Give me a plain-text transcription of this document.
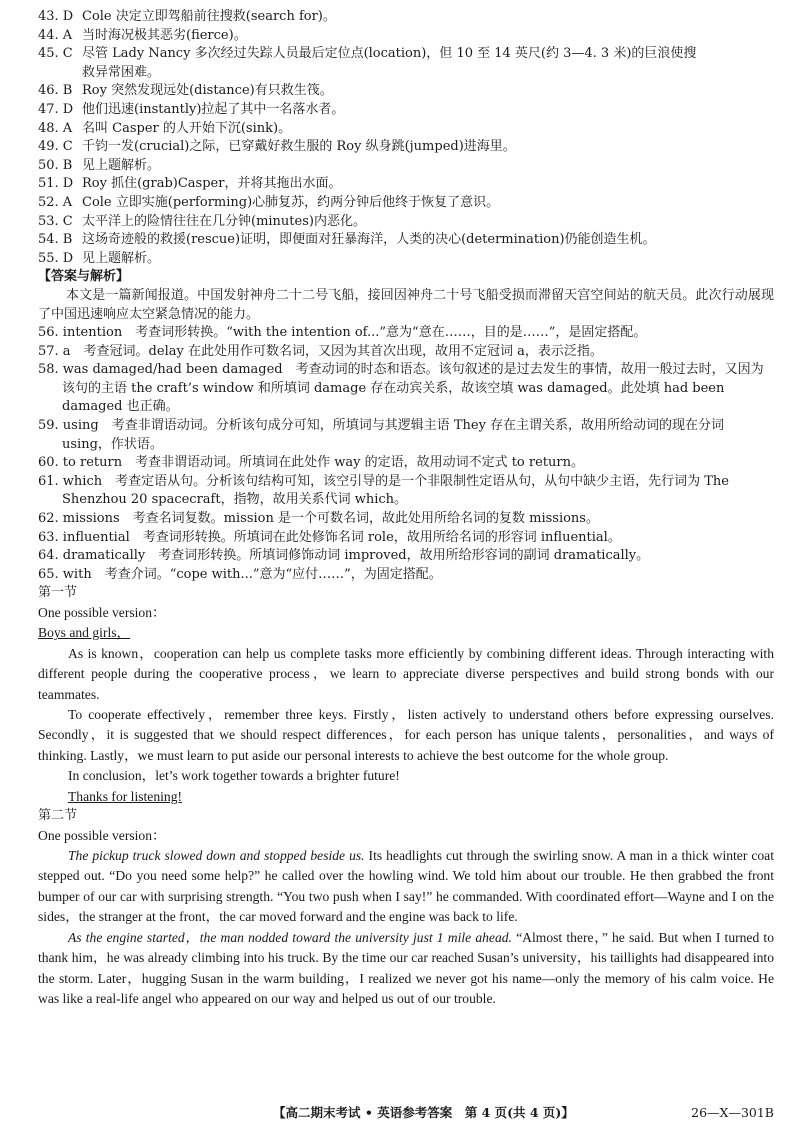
43. D Cole 决定立即驾船前往搜救(search for)。
44. A 当时海况极其恶劣(fierce)。
45. C 尽管 Lady Nancy 多次经过失踪人员最后定位点(location)，但 10 至 14 英尺(约 3—4. 3 米)的巨浪使搜
救异常困难。
46. B Roy 突然发现远处(distance)有只救生筏。
47. D 他们迅速(instantly)拉起了其中一名落水者。
48. A 名叫 Casper 的人开始下沉(sink)。
49. C 千钧一发(crucial)之际，已穿戴好救生服的 Roy 纵身跳(jumped)进海里。
50. B 见上题解析。
51. D Roy 抓住(grab)Casper，并将其拖出水面。
52. A Cole 立即实施(performing)心肺复苏，约两分钟后他终于恢复了意识。
53. C 太平洋上的险情往往在几分钟(minutes)内恶化。
54. B 这场奇迹般的救援(rescue)证明，即便面对狂暴海洋，人类的决心(determination)仍能创造生机。
55. D 见上题解析。
【答案与解析】
本文是一篇新闻报道。中国发射神舟二十二号飞船，接回因神舟二十号飞船受损而滞留天宫空间站的航天员。此次行动展现了中国迅速响应太空紧急情况的能力。
56. intention　考查词形转换。“with the intention of...”意为“意在……，目的是……”，是固定搭配。
57. a　考查冠词。delay 在此处用作可数名词，又因为其首次出现，故用不定冠词 a，表示泛指。
58. was damaged/had been damaged　考查动词的时态和语态。该句叙述的是过去发生的事情，故用一般过去时，又因为该句的主语 the craft’s window 和所填词 damage 存在动宾关系，故该空填 was damaged。此处填 had been damaged 也正确。
59. using　考查非谓语动词。分析该句成分可知，所填词与其逻辑主语 They 存在主谓关系，故用所给动词的现在分词 using，作状语。
60. to return　考查非谓语动词。所填词在此处作 way 的定语，故用动词不定式 to return。
61. which　考查定语从句。分析该句结构可知，该空引导的是一个非限制性定语从句，从句中缺少主语，先行词为 The Shenzhou 20 spacecraft，指物，故用关系代词 which。
62. missions　考查名词复数。mission 是一个可数名词，故此处用所给名词的复数 missions。
63. influential　考查词形转换。所填词在此处修饰名词 role，故用所给名词的形容词 influential。
64. dramatically　考查词形转换。所填词修饰动词 improved，故用所给形容词的副词 dramatically。
65. with　考查介词。“cope with...”意为“应付……”，为固定搭配。
第一节
One possible version：
Boys and girls，
As is known，cooperation can help us complete tasks more efficiently by combining different ideas. Through interacting with different people during the cooperative process，we learn to appreciate diverse perspectives and build strong bonds with our teammates.
To cooperate effectively，remember three keys. Firstly，listen actively to understand others before expressing ourselves. Secondly，it is suggested that we should respect differences，for each person has unique talents，personalities，and ways of thinking. Lastly，we must learn to put aside our personal interests to achieve the best outcome for the whole group.
In conclusion，let’s work together towards a brighter future!
Thanks for listening!
第二节
One possible version：
The pickup truck slowed down and stopped beside us. Its headlights cut through the swirling snow. A man in a thick winter coat stepped out. “Do you need some help?” he called over the howling wind. We told him about our trouble. He then grabbed the front bumper of our car with surprising strength. “You two push when I say!” he commanded. With coordinated effort—Wayne and I on the sides，the stranger at the front，the car moved forward and the engine was back to life.
As the engine started，the man nodded toward the university just 1 mile ahead. “Almost there，” he said. But when I turned to thank him，he was already climbing into his truck. By the time our car reached Susan’s university，his taillights had disappeared into the storm. Later，hugging Susan in the warm building，I realized we never got his name—only the memory of his calm voice. He was like a real-life angel who appeared on our way and helped us out of our trouble.
【高二期末考试 • 英语参考答案　第 4 页(共 4 页)】	26—X—301B
